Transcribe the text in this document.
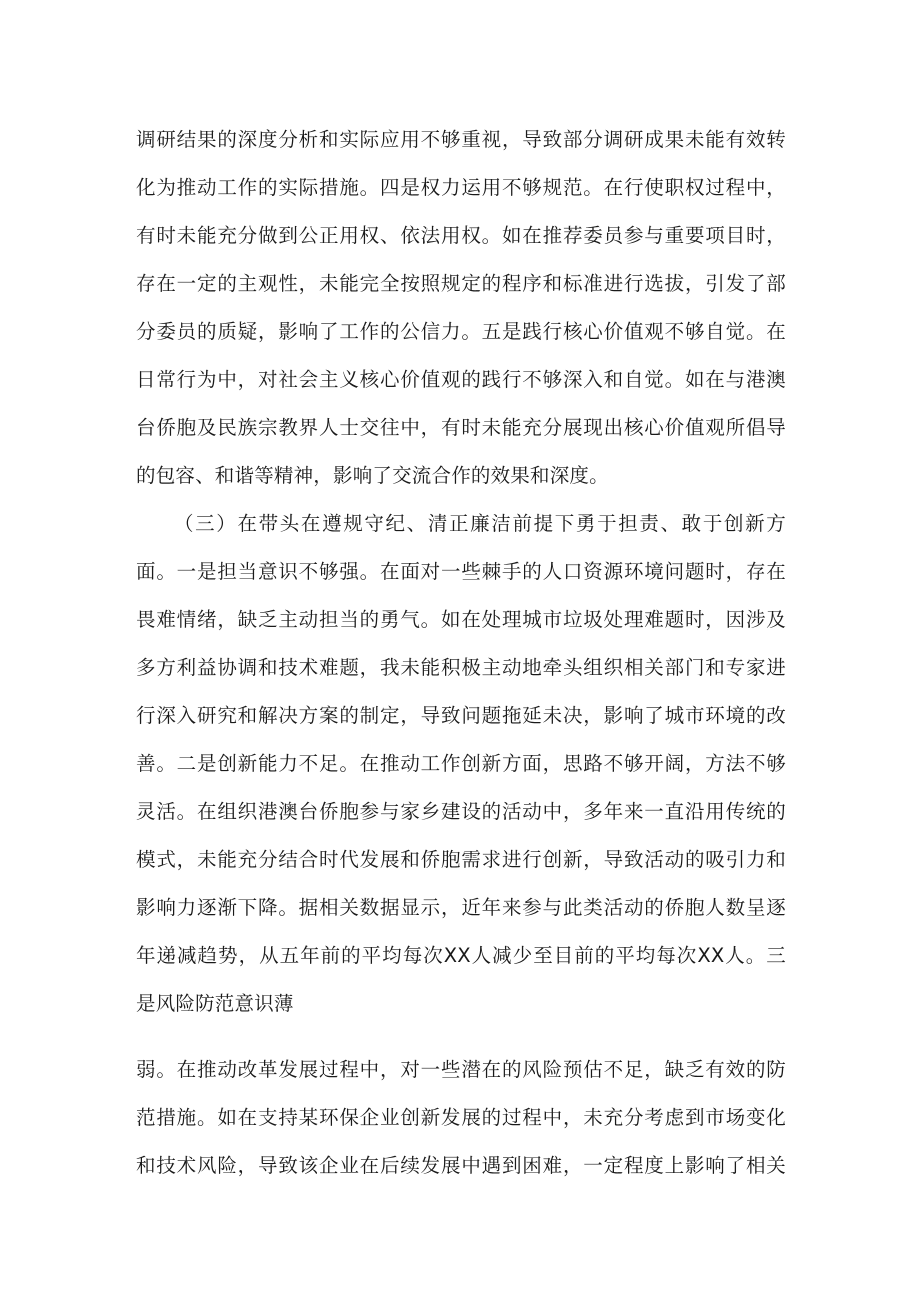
调研结果的深度分析和实际应用不够重视，导致部分调研成果未能有效转
化为推动工作的实际措施。四是权力运用不够规范。在行使职权过程中，
有时未能充分做到公正用权、依法用权。如在推荐委员参与重要项目时，
存在一定的主观性，未能完全按照规定的程序和标准进行选拔，引发了部
分委员的质疑，影响了工作的公信力。五是践行核心价值观不够自觉。在
日常行为中，对社会主义核心价值观的践行不够深入和自觉。如在与港澳
台侨胞及民族宗教界人士交往中，有时未能充分展现出核心价值观所倡导
的包容、和谐等精神，影响了交流合作的效果和深度。
（三）在带头在遵规守纪、清正廉洁前提下勇于担责、敢于创新方
面。一是担当意识不够强。在面对一些棘手的人口资源环境问题时，存在
畏难情绪，缺乏主动担当的勇气。如在处理城市垃圾处理难题时，因涉及
多方利益协调和技术难题，我未能积极主动地牵头组织相关部门和专家进
行深入研究和解决方案的制定，导致问题拖延未决，影响了城市环境的改
善。二是创新能力不足。在推动工作创新方面，思路不够开阔，方法不够
灵活。在组织港澳台侨胞参与家乡建设的活动中，多年来一直沿用传统的
模式，未能充分结合时代发展和侨胞需求进行创新，导致活动的吸引力和
影响力逐渐下降。据相关数据显示，近年来参与此类活动的侨胞人数呈逐
年递减趋势，从五年前的平均每次XX人减少至目前的平均每次XX人。三
是风险防范意识薄
弱。在推动改革发展过程中，对一些潜在的风险预估不足，缺乏有效的防
范措施。如在支持某环保企业创新发展的过程中，未充分考虑到市场变化
和技术风险，导致该企业在后续发展中遇到困难，一定程度上影响了相关
